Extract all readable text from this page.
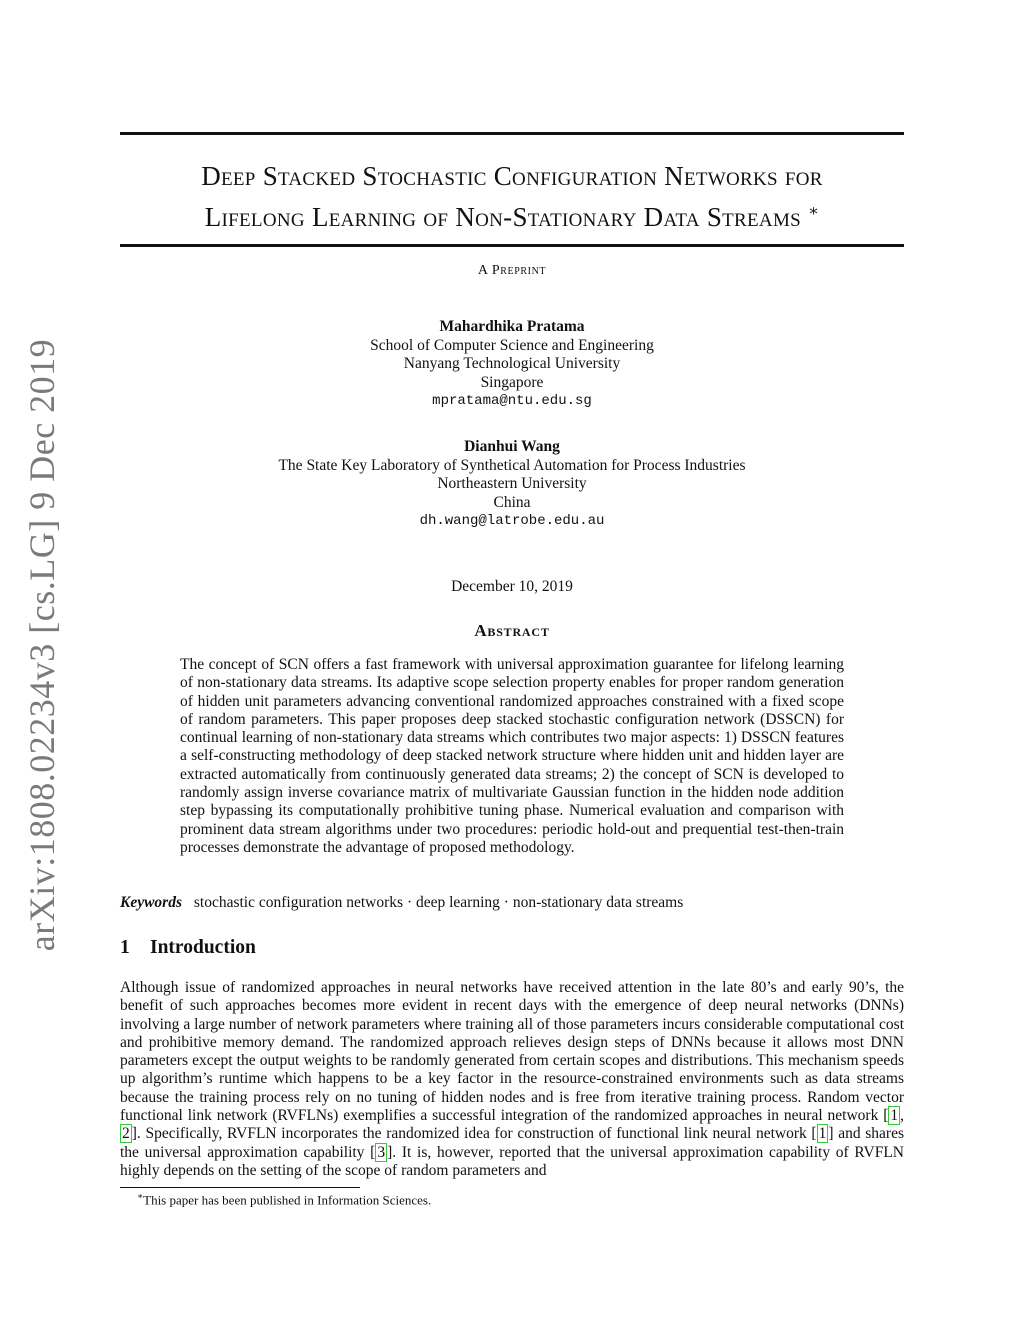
arXiv:1808.02234v3 [cs.LG] 9 Dec 2019
Deep Stacked Stochastic Configuration Networks for
Lifelong Learning of Non-Stationary Data Streams ∗
A Preprint
Mahardhika Pratama
School of Computer Science and Engineering
Nanyang Technological University
Singapore
mpratama@ntu.edu.sg
Dianhui Wang
The State Key Laboratory of Synthetical Automation for Process Industries
Northeastern University
China
dh.wang@latrobe.edu.au
December 10, 2019
Abstract
The concept of SCN offers a fast framework with universal approximation guarantee for lifelong learning of non-stationary data streams. Its adaptive scope selection property enables for proper random generation of hidden unit parameters advancing conventional randomized approaches constrained with a fixed scope of random parameters. This paper proposes deep stacked stochastic configuration network (DSSCN) for continual learning of non-stationary data streams which contributes two major aspects: 1) DSSCN features a self-constructing methodology of deep stacked network structure where hidden unit and hidden layer are extracted automatically from continuously generated data streams; 2) the concept of SCN is developed to randomly assign inverse covariance matrix of multivariate Gaussian function in the hidden node addition step bypassing its computationally prohibitive tuning phase. Numerical evaluation and comparison with prominent data stream algorithms under two procedures: periodic hold-out and prequential test-then-train processes demonstrate the advantage of proposed methodology.
Keywords stochastic configuration networks · deep learning · non-stationary data streams
1 Introduction
Although issue of randomized approaches in neural networks have received attention in the late 80’s and early 90’s, the benefit of such approaches becomes more evident in recent days with the emergence of deep neural networks (DNNs) involving a large number of network parameters where training all of those parameters incurs considerable computational cost and prohibitive memory demand. The randomized approach relieves design steps of DNNs because it allows most DNN parameters except the output weights to be randomly generated from certain scopes and distributions. This mechanism speeds up algorithm’s runtime which happens to be a key factor in the resource-constrained environments such as data streams because the training process rely on no tuning of hidden nodes and is free from iterative training process. Random vector functional link network (RVFLNs) exemplifies a successful integration of the randomized approaches in neural network [ 1 , 2 ]. Specifically, RVFLN incorporates the randomized idea for construction of functional link neural network [ 1 ] and shares the universal approximation capability [ 3 ]. It is, however, reported that the universal approximation capability of RVFLN highly depends on the setting of the scope of random parameters and
∗This paper has been published in Information Sciences.
